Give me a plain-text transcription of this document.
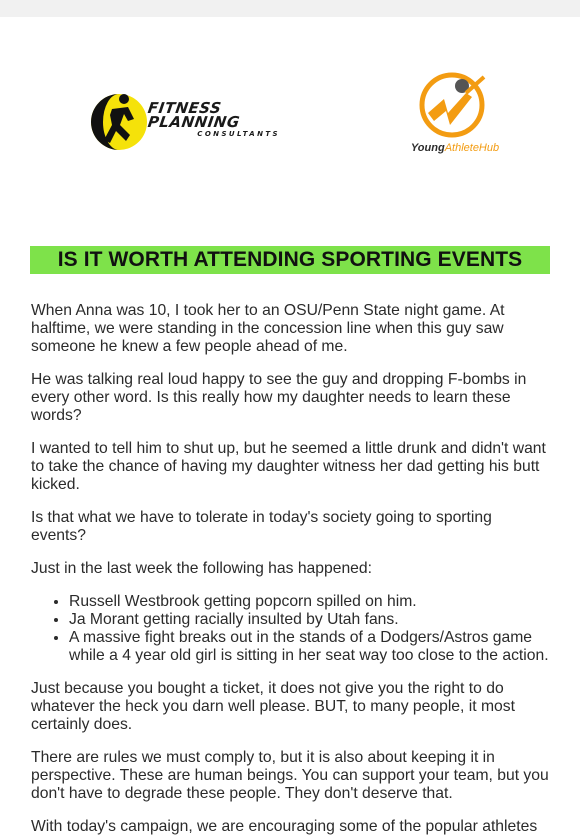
FITNESS
PLANNING
CONSULTANTS
YoungAthleteHub
IS IT WORTH ATTENDING SPORTING EVENTS

When Anna was 10, I took her to an OSU/Penn State night game. At halftime, we were standing in the concession line when this guy saw someone he knew a few people ahead of me.

He was talking real loud happy to see the guy and dropping F-bombs in every other word. Is this really how my daughter needs to learn these words?

I wanted to tell him to shut up, but he seemed a little drunk and didn't want to take the chance of having my daughter witness her dad getting his butt kicked.

Is that what we have to tolerate in today's society going to sporting events?

Just in the last week the following has happened:

• Russell Westbrook getting popcorn spilled on him.
• Ja Morant getting racially insulted by Utah fans.
• A massive fight breaks out in the stands of a Dodgers/Astros game while a 4 year old girl is sitting in her seat way too close to the action.

Just because you bought a ticket, it does not give you the right to do whatever the heck you darn well please. BUT, to many people, it most certainly does.

There are rules we must comply to, but it is also about keeping it in perspective. These are human beings. You can support your team, but you don't have to degrade these people. They don't deserve that.

With today's campaign, we are encouraging some of the popular athletes
